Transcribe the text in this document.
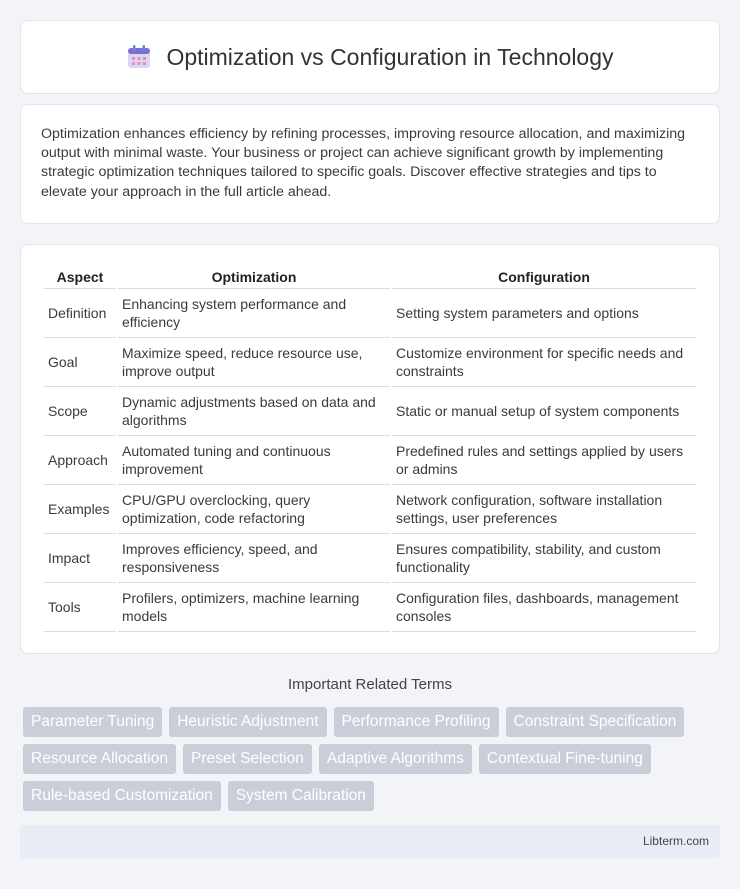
Optimization vs Configuration in Technology

Optimization enhances efficiency by refining processes, improving resource allocation, and maximizing output with minimal waste. Your business or project can achieve significant growth by implementing strategic optimization techniques tailored to specific goals. Discover effective strategies and tips to elevate your approach in the full article ahead.

Aspect	Optimization	Configuration
Definition	Enhancing system performance and efficiency	Setting system parameters and options
Goal	Maximize speed, reduce resource use, improve output	Customize environment for specific needs and constraints
Scope	Dynamic adjustments based on data and algorithms	Static or manual setup of system components
Approach	Automated tuning and continuous improvement	Predefined rules and settings applied by users or admins
Examples	CPU/GPU overclocking, query optimization, code refactoring	Network configuration, software installation settings, user preferences
Impact	Improves efficiency, speed, and responsiveness	Ensures compatibility, stability, and custom functionality
Tools	Profilers, optimizers, machine learning models	Configuration files, dashboards, management consoles
Important Related Terms
Parameter Tuning	Heuristic Adjustment	Performance Profiling	Constraint Specification
Resource Allocation	Preset Selection	Adaptive Algorithms	Contextual Fine-tuning
Rule-based Customization	System Calibration
Libterm.com
